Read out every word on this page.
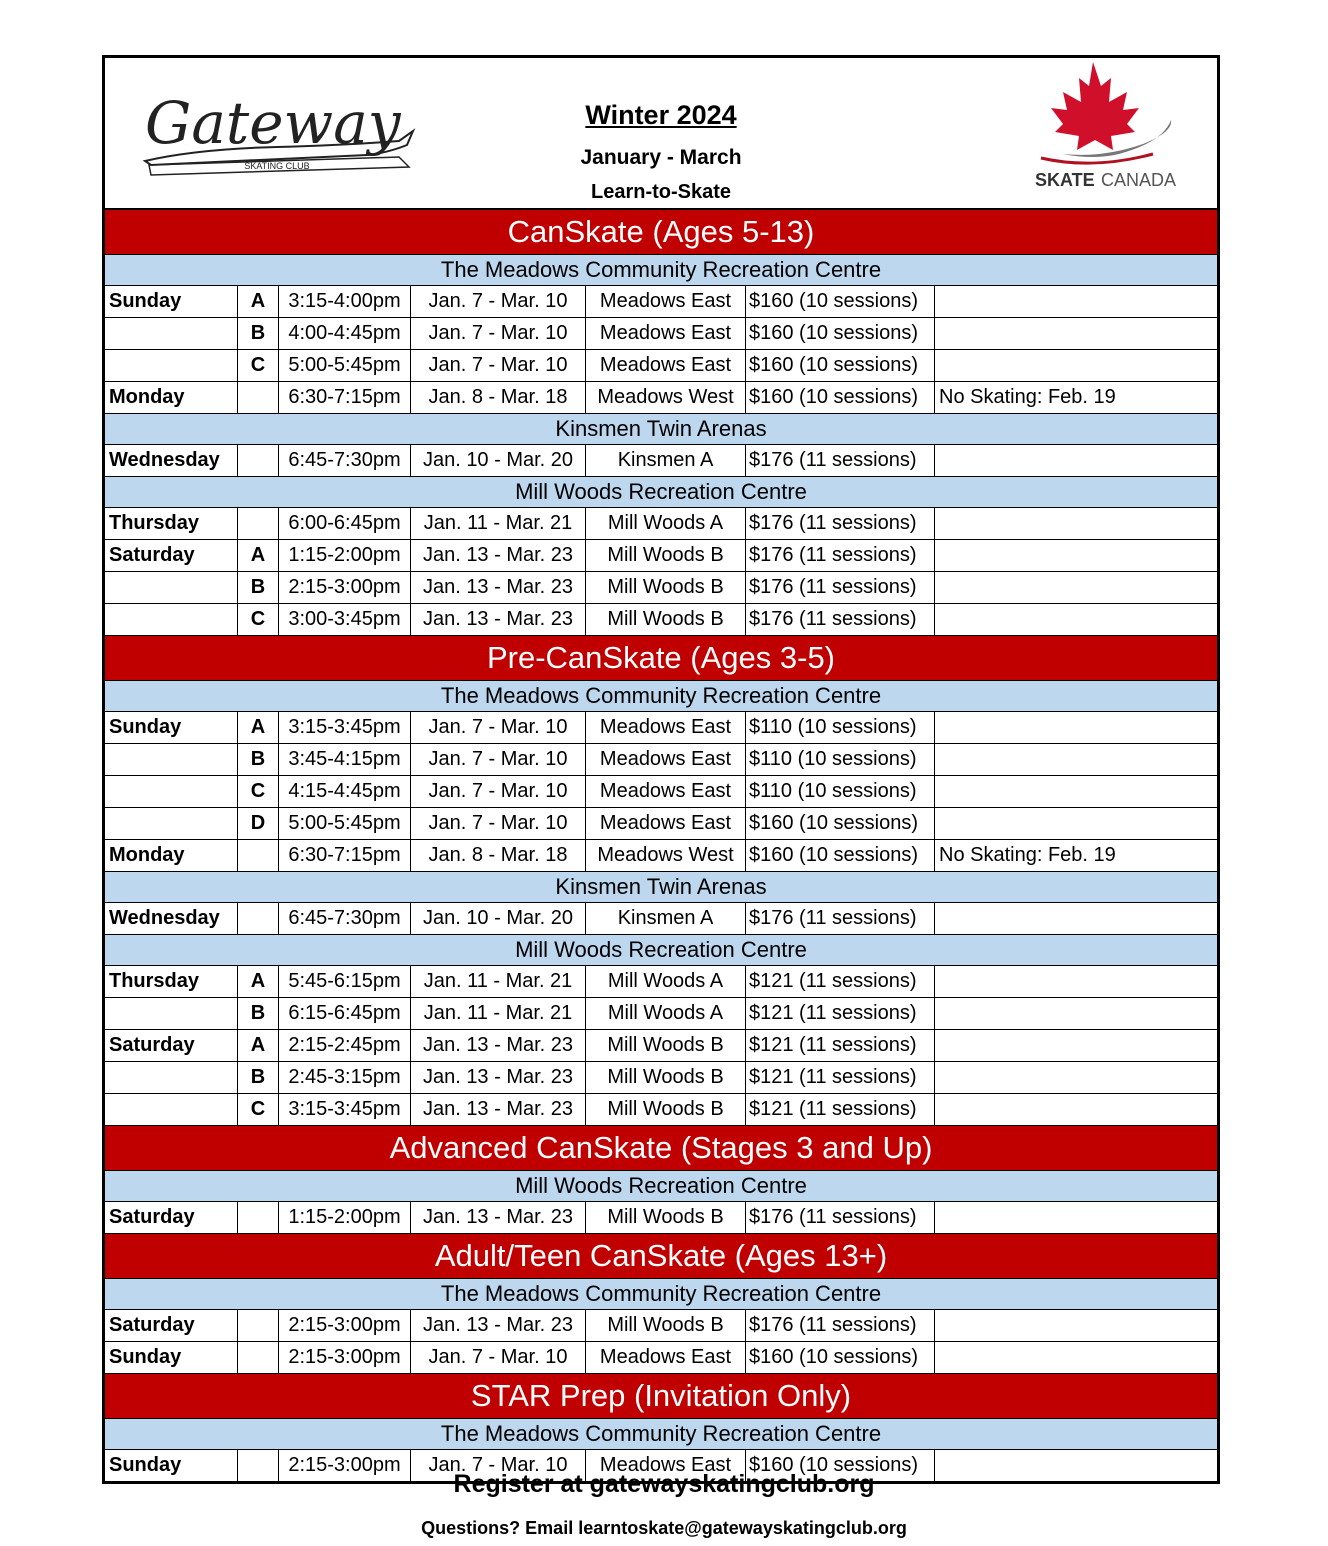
Gateway
SKATING CLUB
Winter 2024
January - March
Learn-to-Skate
SKATE CANADA
CanSkate (Ages 5-13)
The Meadows Community Recreation Centre
Sunday	A	3:15-4:00pm	Jan. 7 - Mar. 10	Meadows East $160 (10 sessions)
B	4:00-4:45pm	Jan. 7 - Mar. 10	Meadows East $160 (10 sessions)
C	5:00-5:45pm	Jan. 7 - Mar. 10	Meadows East $160 (10 sessions)
Monday	6:30-7:15pm	Jan. 8 - Mar. 18	Meadows West $160 (10 sessions)	No Skating: Feb. 19
Kinsmen Twin Arenas
Wednesday	6:45-7:30pm	Jan. 10 - Mar. 20	Kinsmen A	$176 (11 sessions)
Mill Woods Recreation Centre
Thursday	6:00-6:45pm	Jan. 11 - Mar. 21	Mill Woods A	$176 (11 sessions)
Saturday	A	1:15-2:00pm	Jan. 13 - Mar. 23	Mill Woods B	$176 (11 sessions)
B	2:15-3:00pm	Jan. 13 - Mar. 23	Mill Woods B	$176 (11 sessions)
C	3:00-3:45pm	Jan. 13 - Mar. 23	Mill Woods B	$176 (11 sessions)
Pre-CanSkate (Ages 3-5)
The Meadows Community Recreation Centre
Sunday	A	3:15-3:45pm	Jan. 7 - Mar. 10	Meadows East $110 (10 sessions)
B	3:45-4:15pm	Jan. 7 - Mar. 10	Meadows East $110 (10 sessions)
C	4:15-4:45pm	Jan. 7 - Mar. 10	Meadows East $110 (10 sessions)
D	5:00-5:45pm	Jan. 7 - Mar. 10	Meadows East $160 (10 sessions)
Monday	6:30-7:15pm	Jan. 8 - Mar. 18	Meadows West $160 (10 sessions)	No Skating: Feb. 19
Kinsmen Twin Arenas
Wednesday	6:45-7:30pm	Jan. 10 - Mar. 20	Kinsmen A	$176 (11 sessions)
Mill Woods Recreation Centre
Thursday	A	5:45-6:15pm	Jan. 11 - Mar. 21	Mill Woods A	$121 (11 sessions)
B	6:15-6:45pm	Jan. 11 - Mar. 21	Mill Woods A	$121 (11 sessions)
Saturday	A	2:15-2:45pm	Jan. 13 - Mar. 23	Mill Woods B	$121 (11 sessions)
B	2:45-3:15pm	Jan. 13 - Mar. 23	Mill Woods B	$121 (11 sessions)
C	3:15-3:45pm	Jan. 13 - Mar. 23	Mill Woods B	$121 (11 sessions)
Advanced CanSkate (Stages 3 and Up)
Mill Woods Recreation Centre
Saturday	1:15-2:00pm	Jan. 13 - Mar. 23	Mill Woods B	$176 (11 sessions)
Adult/Teen CanSkate (Ages 13+)
The Meadows Community Recreation Centre
Saturday	2:15-3:00pm	Jan. 13 - Mar. 23	Mill Woods B	$176 (11 sessions)
Sunday	2:15-3:00pm	Jan. 7 - Mar. 10	Meadows East $160 (10 sessions)
STAR Prep (Invitation Only)
The Meadows Community Recreation Centre
Sunday	2:15-3:00pm	Jan. 7 - Mar. 10	Meadows East $160 (10 sessions)
Register at gatewayskatingclub.org
Questions? Email learntoskate@gatewayskatingclub.org
